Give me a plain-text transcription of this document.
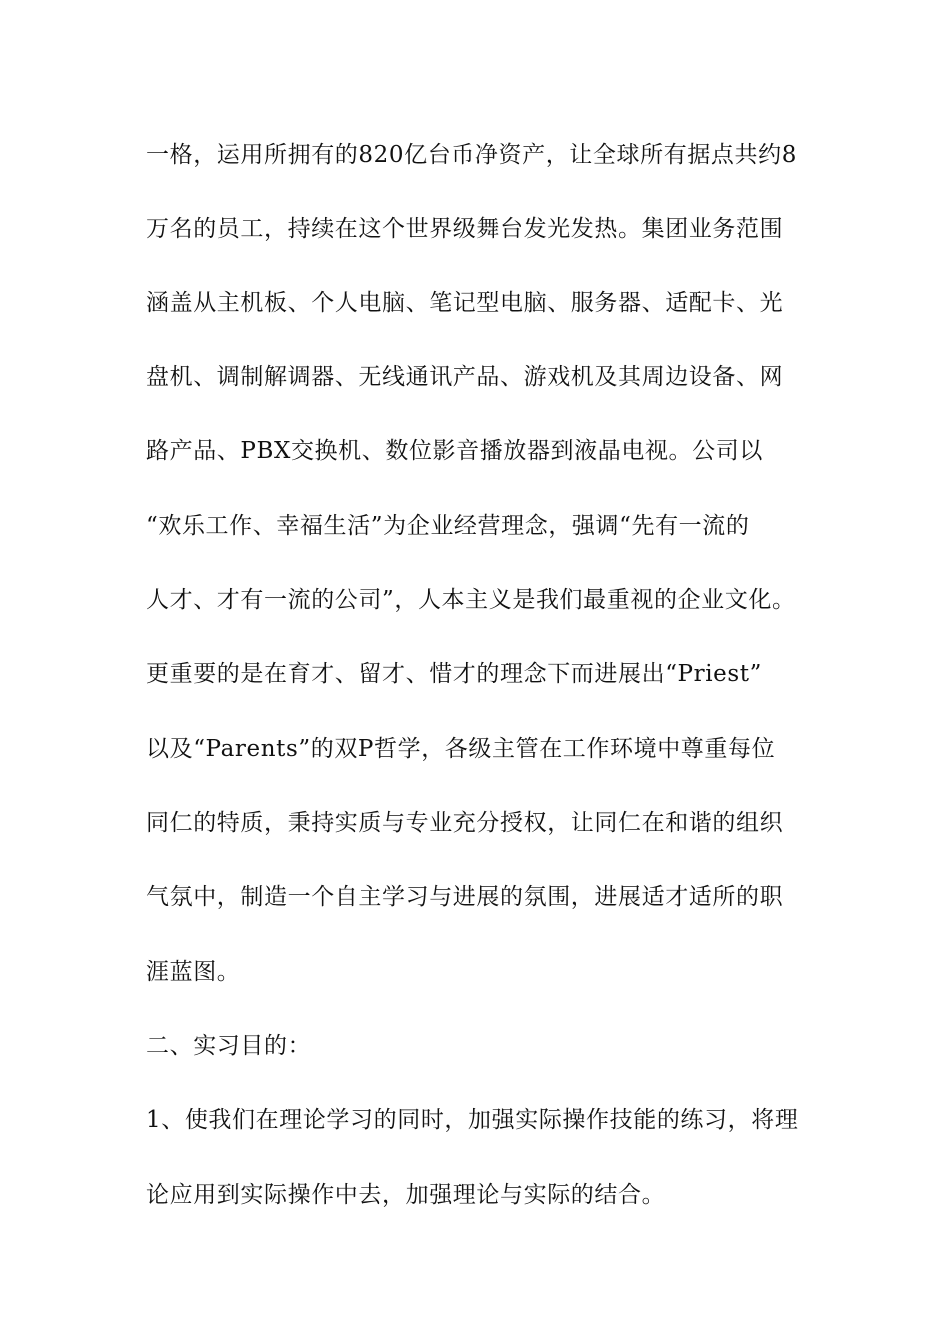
一格，运用所拥有的820亿台币净资产，让全球所有据点共约8

万名的员工，持续在这个世界级舞台发光发热。集团业务范围

涵盖从主机板、个人电脑、笔记型电脑、服务器、适配卡、光

盘机、调制解调器、无线通讯产品、游戏机及其周边设备、网

路产品、PBX交换机、数位影音播放器到液晶电视。公司以

“欢乐工作、幸福生活”为企业经营理念，强调“先有一流的

人才、才有一流的公司”，人本主义是我们最重视的企业文化。

更重要的是在育才、留才、惜才的理念下而进展出“Priest”

以及“Parents”的双P哲学，各级主管在工作环境中尊重每位

同仁的特质，秉持实质与专业充分授权，让同仁在和谐的组织

气氛中，制造一个自主学习与进展的氛围，进展适才适所的职

涯蓝图。

二、实习目的：

1、使我们在理论学习的同时，加强实际操作技能的练习，将理

论应用到实际操作中去，加强理论与实际的结合。
